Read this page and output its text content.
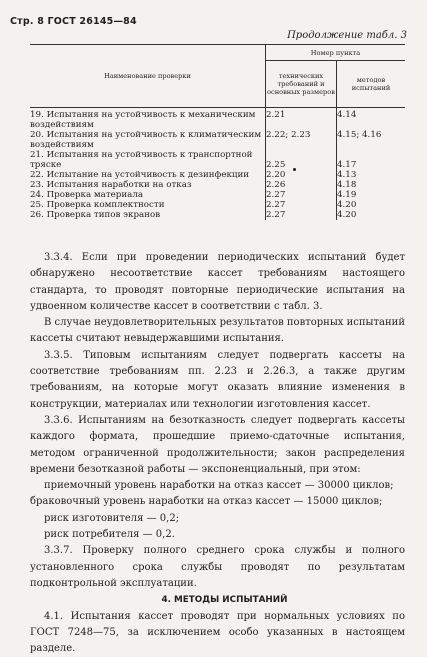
Стр. 8 ГОСТ 26145—84
Продолжение табл. 3
Наименование проверки	Номер пункта	
	технических требований и основных размеров	методов испытаний
19. Испытания на устойчивость к механическим воздействиям	2.21	4.14
20. Испытания на устойчивость к климатическим воздействиям	2.22; 2.23	4.15; 4.16
21. Испытания на устойчивость к транспортной тряске	2.25	4.17
22. Испытание на устойчивость к дезинфекции	2.20	4.13
23. Испытания наработки на отказ	2.26	4.18
24. Проверка материала	2.27	4.19
25. Проверка комплектности	2.27	4.20
26. Проверка типов экранов	2.27	4.20

3.3.4. Если при проведении периодических испытаний будет обнаружено несоответствие кассет требованиям настоящего стандарта, то проводят повторные периодические испытания на удвоенном количестве кассет в соответствии с табл. 3.

В случае неудовлетворительных результатов повторных испытаний кассеты считают невыдержавшими испытания.

3.3.5. Типовым испытаниям следует подвергать кассеты на соответствие требованиям пп. 2.23 и 2.26.3, а также другим требованиям, на которые могут оказать влияние изменения в конструкции, материалах или технологии изготовления кассет.

3.3.6. Испытаниям на безотказность следует подвергать кассеты каждого формата, прошедшие приемо-сдаточные испытания, методом ограниченной продолжительности; закон распределения времени безотказной работы — экспоненциальный, при этом:

приемочный уровень наработки на отказ кассет — 30000 циклов;

браковочный уровень наработки на отказ кассет — 15000 циклов;

риск изготовителя — 0,2;

риск потребителя — 0,2.

3.3.7. Проверку полного среднего срока службы и полного установленного срока службы проводят по результатам подконтрольной эксплуатации.

4. МЕТОДЫ ИСПЫТАНИЙ

4.1. Испытания кассет проводят при нормальных условиях по ГОСТ 7248—75, за исключением особо указанных в настоящем разделе.
